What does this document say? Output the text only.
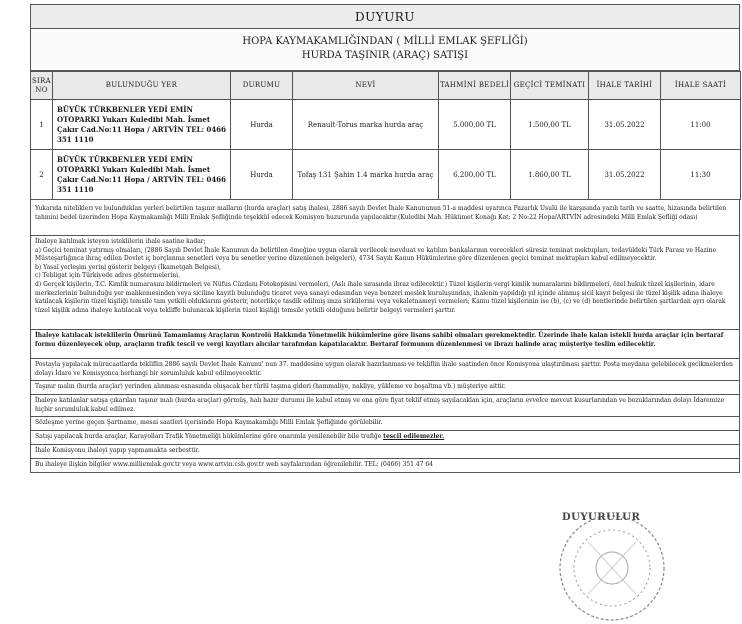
DUYURU
HOPA KAYMAKAMLIĞINDAN ( MİLLİ EMLAK ŞEFLİĞİ)
HURDA TAŞINIR (ARAÇ) SATIŞI
SIRA NO	BULUNDUĞU YER	DURUMU	NEVİ	TAHMİNİ BEDELİ	GEÇİCİ TEMİNATI	İHALE TARİHİ	İHALE SAATİ
1	BÜYÜK TÜRKBENLER YEDİ EMİN OTOPARKI Yukarı Kuledibi Mah. İsmet Çakır Cad.No:11 Hopa / ARTVİN TEL: 0466 351 1110	Hurda	Renault-Torus marka hurda araç	5.000,00 TL	1.500,00 TL	31.05.2022	11:00
2	BÜYÜK TÜRKBENLER YEDİ EMİN OTOPARKI Yukarı Kuledibi Mah. İsmet Çakır Cad.No:11 Hopa / ARTVİN TEL: 0466 351 1110	Hurda	Tofaş 131 Şahin 1.4 marka hurda araç	6.200,00 TL	1.860,00 TL	31.05.2022	11:30
Yukarıda niteliklerı ve bulunduklan yerleri belirtilen taşınır malların (hurda araçlar) satış ihalesi, 2886 sayılı Devlet İhale Kanununun 51-a maddesi uyarınca Pazarlık Usulü ile karşısında yazılı tarih ve saatte, hizasında belirtilen tahmini bedel üzerinden Hopa Kaymakamlığı Milli Emlak Şefliğinde teşekkül edecek Komisyon huzurunda yapılacaktır.(Kuledibi Mah. Hükümet Konağı Kat: 2 No:22 Hopa/ARTVİN adresindeki Milli Emlak Şefliği odası)
İhaleye katılmak isteyen isteklilerin ihale saatine kadar;
a) Geçici teminat yatırmış olmaları, (2886 Sayılı Devlet İhale Kanunun da belirtilen ömeğine uygun olarak verilecek mevduat ve katılım bankalarının verecekleri süresiz teminat mektupları, tedavüldeki Türk Parası ve Hazine Müsteşarlığınca ihraç edilen Devlet iç borçlanma senetleri veya bu senetler yerine düzenlenen belgeleri), 4734 Sayılı Kanun Hükümlerine göre düzenlenen geçici teminat mektupları kabul edilmeyecektir.
b) Yasal yerleşim yerini gösterir belgeyi (İkametgah Belgesi),
c) Tebligat için Türkiyede adres göstermelerini,
d) Gerçek kişilerin, T.C. Kimlik numarasını bildirmeleri ve Nüfus Cüzdanı Fotokopisini vermeleri, (Aslı ihale sırasında ibraz edilecektir.) Tüzel kişilerin vergi kimlik numaralarını bildirmeleri, özel hukuk tüzel kişilerinin, idare merkezlerinin bulunduğu yer mahkemesinden veya siciline kayıtlı bulunduğu ticaret veya sanayi odasından veya benzeri meslek kuruluşundan, ihalenin yapıldığı yıl içinde alınmış sicil kayıt belgesi ile tüzel kişilik adına ihaleye katılacak kişilerin tüzel kişiliği temsile tam yetkili olduklarını gösterir, noterlikçe tasdik edilmiş imza sirkülerini veya vekaletnameyi vermeleri; Kamu tüzel kişilerinin ise (b), (c) ve (d) bentlerinde belirtilen şartlardan ayrı olarak tüzel kişilik adına ihaleye katılacak veya tekliffe bulunacak kişilerin tüzel kişiliği temsile yetkili olduğunu belirtir belgeyi vermeleri şarttır.
İhaleye katılacak isteklilerin Ömrünü Tamamlamış Araçların Kontrolü Hakkında Yönetmelik hükümlerine göre lisans sahibi olmaları gerekmektedir. Üzerinde ihale kalan istekli hurda araçlar için bertaraf formu düzenleyecek olup, araçların trafik tescil ve vergi kayıtları alıcılar tarafından kapatılacaktır. Bertaraf formunun düzenlenmesi ve ibrazı halinde araç müşteriye teslim edilecektir.
Postayla yapılacak müracaatlarda tekliflin 2886 sayılı Devlet İhale Kanunu' nun 37. maddesine uygun olarak hazırlanması ve tekliflin ihale saatinden önce Komisyona ulaştırılması şarttır. Posta meydana gelebilecek gecikmelerden dolayı İdare ve Komisyonca herhangi bir sorumluluk kabul edilmeyecektir.
Taşınır malın (hurda araçlar) yerinden alınması esnasında oluşacak her türlü taşıma gideri (hammaliye, nakliye, yükleme ve boşaltma vb.) müşteriye aittir.
İhaleye katılanlar satışa çıkarılan taşınır malı (hurda araçlar) görmüş, halı hazır durumu ile kabul etmiş ve ona göre fiyat teklif etmiş sayılacaklan için, araçların evvelce mevcut kusurlarından ve bozuklarından dolayı İdaremize hiçbir sorumluluk kabul edilmez.
Sözleşme yerine geçen Şartname, mesai saatleri içerisinde Hopa Kaymakamlığı Milli Emlak Şefliğinde görülebilir.
Satışı yapılacak hurda araçlar, Karayolları Trafik Yönetmeliği hükümlerine göre onarımla yenilenebilir bile trafiğe tescil edilemezler.
İhale Komisyonu ihaleyi yapıp yapmamakta serbesttir.
Bu ihaleye ilişkin bilgiler www.milliemlak.gov.tr veya www.artvin.csb.gov.tr web sayfalarından öğrenilebilir. TEL: (0466) 351 47 64
DUYURULUR
